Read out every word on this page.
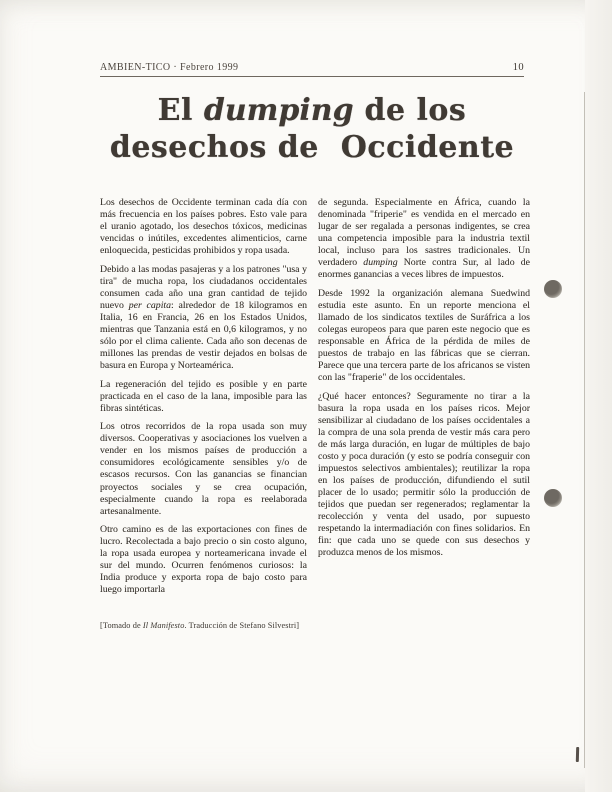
AMBIEN-TICO · Febrero 1999	10
El dumping de los
desechos de  Occidente

Los desechos de Occidente terminan cada día con más frecuencia en los países pobres. Esto vale para el uranio agotado, los desechos tóxicos, medicinas vencidas o inútiles, excedentes alimenticios, carne enloquecida, pesticidas prohibidos y ropa usada.

Debido a las modas pasajeras y a los patrones "usa y tira" de mucha ropa, los ciudadanos occidentales consumen cada año una gran cantidad de tejido nuevo per capita: alrededor de 18 kilogramos en Italia, 16 en Francia, 26 en los Estados Unidos, mientras que Tanzania está en 0,6 kilogramos, y no sólo por el clima caliente. Cada año son decenas de millones las prendas de vestir dejados en bolsas de basura en Europa y Norteamérica.

La regeneración del tejido es posible y en parte practicada en el caso de la lana, imposible para las fibras sintéticas.

Los otros recorridos de la ropa usada son muy diversos. Cooperativas y asociaciones los vuelven a vender en los mismos países de producción a consumidores ecológicamente sensibles y/o de escasos recursos. Con las ganancias se financian proyectos sociales y se crea ocupación, especialmente cuando la ropa es reelaborada artesanalmente.

Otro camino es de las exportaciones con fines de lucro. Recolectada a bajo precio o sin costo alguno, la ropa usada europea y norteamericana invade el sur del mundo. Ocurren fenómenos curiosos: la India produce y exporta ropa de bajo costo para luego importarla

de segunda. Especialmente en África, cuando la denominada "friperie" es vendida en el mercado en lugar de ser regalada a personas indigentes, se crea una competencia imposible para la industria textil local, incluso para los sastres tradicionales. Un verdadero dumping Norte contra Sur, al lado de enormes ganancias a veces libres de impuestos.

Desde 1992 la organización alemana Suedwind estudia este asunto. En un reporte menciona el llamado de los sindicatos textiles de Suráfrica a los colegas europeos para que paren este negocio que es responsable en África de la pérdida de miles de puestos de trabajo en las fábricas que se cierran. Parece que una tercera parte de los africanos se visten con las "fraperie" de los occidentales.

¿Qué hacer entonces? Seguramente no tirar a la basura la ropa usada en los países ricos. Mejor sensibilizar al ciudadano de los países occidentales a la compra de una sola prenda de vestir más cara pero de más larga duración, en lugar de múltiples de bajo costo y poca duración (y esto se podría conseguir con impuestos selectivos ambientales); reutilizar la ropa en los países de producción, difundiendo el sutil placer de lo usado; permitir sólo la producción de tejidos que puedan ser regenerados; reglamentar la recolección y venta del usado, por supuesto respetando la intermadiación con fines solidarios. En fin: que cada uno se quede con sus desechos y produzca menos de los mismos.

[Tomado de Il Manifesto. Traducción de Stefano Silvestri]
